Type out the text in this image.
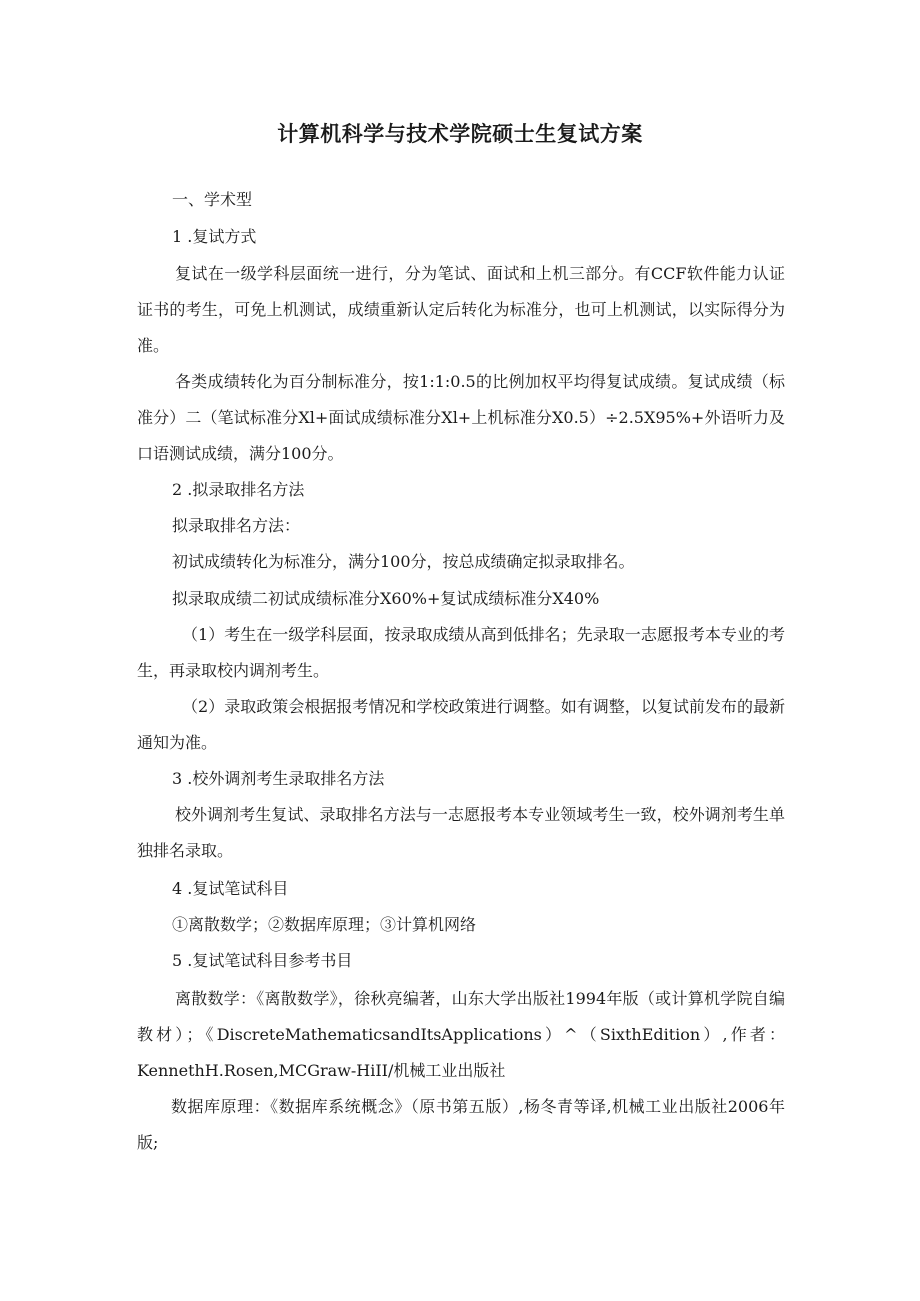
计算机科学与技术学院硕士生复试方案

一、学术型

1 .复试方式

复试在一级学科层面统一进行，分为笔试、面试和上机三部分。有CCF软件能力认证证书的考生，可免上机测试，成绩重新认定后转化为标准分，也可上机测试，以实际得分为准。

各类成绩转化为百分制标准分，按1:1:0.5的比例加权平均得复试成绩。复试成绩（标准分）二（笔试标准分Xl+面试成绩标准分Xl+上机标准分X0.5）÷2.5X95%+外语听力及口语测试成绩，满分100分。

2 .拟录取排名方法

拟录取排名方法：

初试成绩转化为标准分，满分100分，按总成绩确定拟录取排名。

拟录取成绩二初试成绩标准分X60%+复试成绩标准分X40%

（1）考生在一级学科层面，按录取成绩从高到低排名；先录取一志愿报考本专业的考生，再录取校内调剂考生。

（2）录取政策会根据报考情况和学校政策进行调整。如有调整，以复试前发布的最新通知为准。

3 .校外调剂考生录取排名方法

校外调剂考生复试、录取排名方法与一志愿报考本专业领域考生一致，校外调剂考生单独排名录取。

4 .复试笔试科目

①离散数学；②数据库原理；③计算机网络

5 .复试笔试科目参考书目

离散数学：《离散数学》，徐秋亮编著，山东大学出版社1994年版（或计算机学院自编教材）；《DiscreteMathematicsandItsApplications）^（SixthEdition）,作者：KennethH.Rosen,MCGraw-HiII/机械工业出版社

数据库原理：《数据库系统概念》（原书第五版）,杨冬青等译,机械工业出版社2006年版;
